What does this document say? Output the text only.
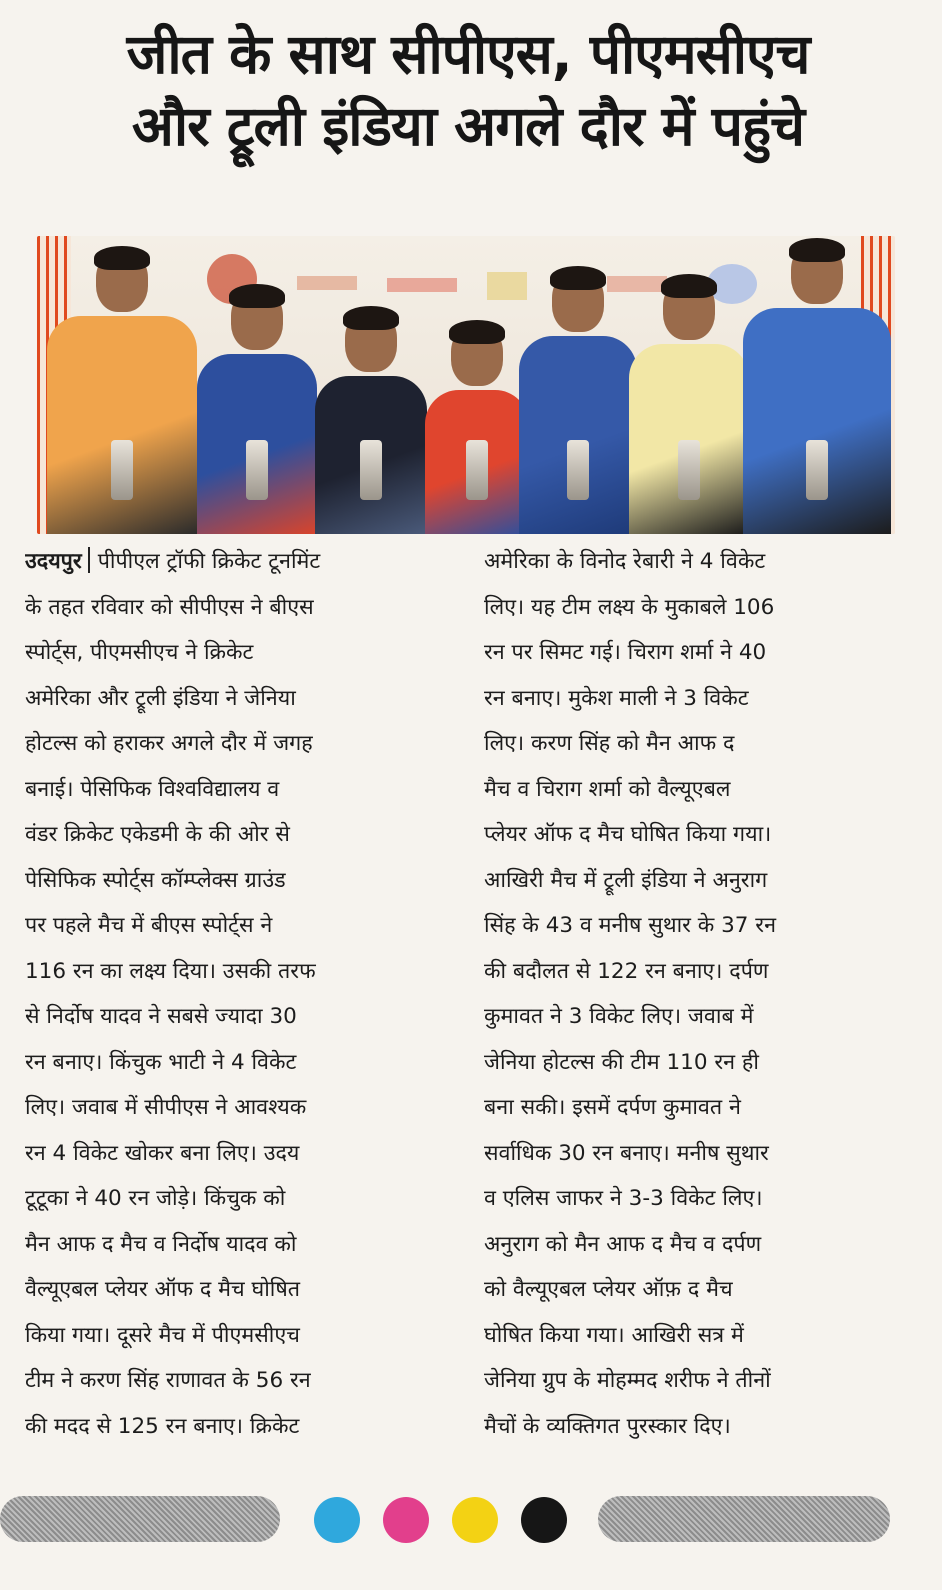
जीत के साथ सीपीएस, पीएमसीएच
और ट्रूली इंडिया अगले दौर में पहुंचे
उदयपुर पीपीएल ट्रॉफी क्रिकेट टूनमिंट
के तहत रविवार को सीपीएस ने बीएस
स्पोर्ट्स, पीएमसीएच ने क्रिकेट
अमेरिका और ट्रूली इंडिया ने जेनिया
होटल्स को हराकर अगले दौर में जगह
बनाई। पेसिफिक विश्वविद्यालय व
वंडर क्रिकेट एकेडमी के की ओर से
पेसिफिक स्पोर्ट्स कॉम्प्लेक्स ग्राउंड
पर पहले मैच में बीएस स्पोर्ट्स ने
116 रन का लक्ष्य दिया। उसकी तरफ
से निर्दोष यादव ने सबसे ज्यादा 30
रन बनाए। किंचुक भाटी ने 4 विकेट
लिए। जवाब में सीपीएस ने आवश्यक
रन 4 विकेट खोकर बना लिए। उदय
टूटूका ने 40 रन जोड़े। किंचुक को
मैन आफ द मैच व निर्दोष यादव को
वैल्यूएबल प्लेयर ऑफ द मैच घोषित
किया गया। दूसरे मैच में पीएमसीएच
टीम ने करण सिंह राणावत के 56 रन
की मदद से 125 रन बनाए। क्रिकेट
अमेरिका के विनोद रेबारी ने 4 विकेट
लिए। यह टीम लक्ष्य के मुकाबले 106
रन पर सिमट गई। चिराग शर्मा ने 40
रन बनाए। मुकेश माली ने 3 विकेट
लिए। करण सिंह को मैन आफ द
मैच व चिराग शर्मा को वैल्यूएबल
प्लेयर ऑफ द मैच घोषित किया गया।
आखिरी मैच में ट्रूली इंडिया ने अनुराग
सिंह के 43 व मनीष सुथार के 37 रन
की बदौलत से 122 रन बनाए। दर्पण
कुमावत ने 3 विकेट लिए। जवाब में
जेनिया होटल्स की टीम 110 रन ही
बना सकी। इसमें दर्पण कुमावत ने
सर्वाधिक 30 रन बनाए। मनीष सुथार
व एलिस जाफर ने 3-3 विकेट लिए।
अनुराग को मैन आफ द मैच व दर्पण
को वैल्यूएबल प्लेयर ऑफ़ द मैच
घोषित किया गया। आखिरी सत्र में
जेनिया ग्रुप के मोहम्मद शरीफ ने तीनों
मैचों के व्यक्तिगत पुरस्कार दिए।
